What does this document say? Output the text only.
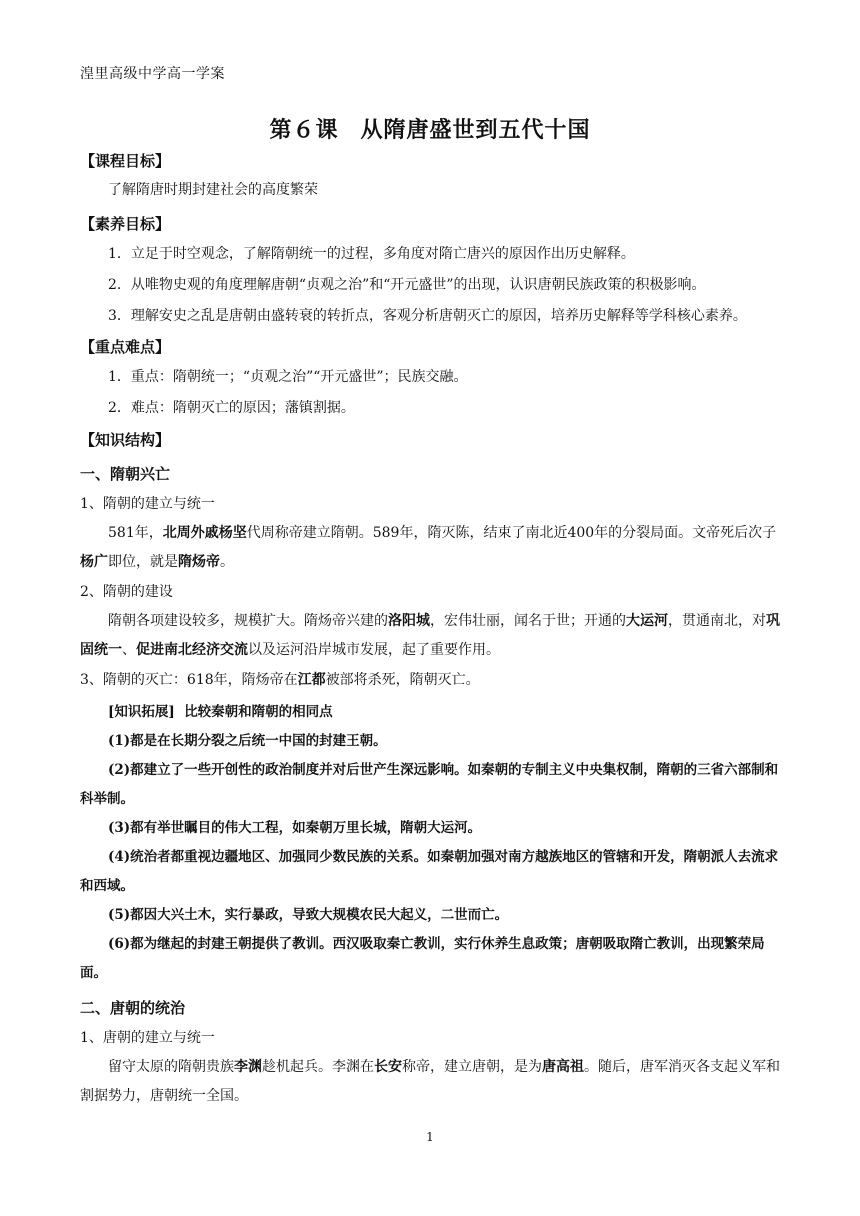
湟里高级中学高一学案
第６课 从隋唐盛世到五代十国

【课程目标】

了解隋唐时期封建社会的高度繁荣

【素养目标】

1．立足于时空观念，了解隋朝统一的过程，多角度对隋亡唐兴的原因作出历史解释。

2．从唯物史观的角度理解唐朝“贞观之治”和“开元盛世”的出现，认识唐朝民族政策的积极影响。

3．理解安史之乱是唐朝由盛转衰的转折点，客观分析唐朝灭亡的原因，培养历史解释等学科核心素养。

【重点难点】

1．重点：隋朝统一；“贞观之治”“开元盛世”；民族交融。

2．难点：隋朝灭亡的原因；藩镇割据。

【知识结构】

一、隋朝兴亡

1、隋朝的建立与统一

581年，北周外戚杨坚代周称帝建立隋朝。589年，隋灭陈，结束了南北近400年的分裂局面。文帝死后次子杨广即位，就是隋炀帝。

2、隋朝的建设

隋朝各项建设较多，规模扩大。隋炀帝兴建的洛阳城，宏伟壮丽，闻名于世；开通的大运河，贯通南北，对巩固统一、促进南北经济交流以及运河沿岸城市发展，起了重要作用。

3、隋朝的灭亡：618年，隋炀帝在江都被部将杀死，隋朝灭亡。

[知识拓展] 比较秦朝和隋朝的相同点

(1)都是在长期分裂之后统一中国的封建王朝。

(2)都建立了一些开创性的政治制度并对后世产生深远影响。如秦朝的专制主义中央集权制，隋朝的三省六部制和科举制。

(3)都有举世瞩目的伟大工程，如秦朝万里长城，隋朝大运河。

(4)统治者都重视边疆地区、加强同少数民族的关系。如秦朝加强对南方越族地区的管辖和开发，隋朝派人去流求和西域。

(5)都因大兴土木，实行暴政，导致大规模农民大起义，二世而亡。

(6)都为继起的封建王朝提供了教训。西汉吸取秦亡教训，实行休养生息政策；唐朝吸取隋亡教训，出现繁荣局面。

二、唐朝的统治

1、唐朝的建立与统一

留守太原的隋朝贵族李渊趁机起兵。李渊在长安称帝，建立唐朝，是为唐高祖。随后，唐军消灭各支起义军和割据势力，唐朝统一全国。

1
